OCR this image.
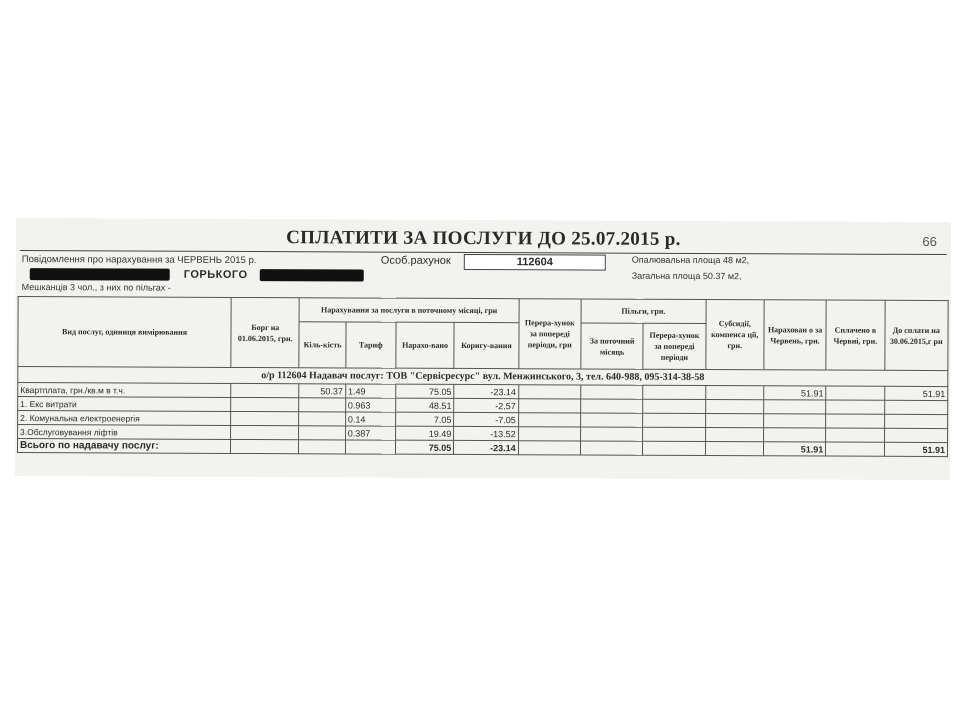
СПЛАТИТИ ЗА ПОСЛУГИ ДО 25.07.2015 р.	66
Повідомлення про нарахування за ЧЕРВЕНЬ 2015 р.	Особ.рахунок	112604	Опалювальна площа 48 м2,
Загальна площа 50.37 м2,
ГОРЬКОГО
Мешканців 3 чол., з них по пільгах -
Вид послуг, одиниця вимірювання	Борг на 01.06.2015, грн.	Нарахування за послуги в поточному місяці, грн				Перера-хунок за попереді періоди, грн	Пільги, грн.		Субсидії, компенса ції, грн.	Нарахован о за Червень, грн.	Сплачено в Червні, грн.	До сплати на 30.06.2015,г рн
		Кіль-кість	Тариф	Нарахо-вано	Коригу-вання		За поточний місяць	Перера-хунок за попереді періоди				
о/р 112604 Надавач послуг: ТОВ "Сервісресурс" вул. Менжинського, 3, тел. 640-988, 095-314-38-58												
Квартплата, грн./кв.м в т.ч.		50.37	1.49	75.05	-23.14					51.91		51.91
1. Екс витрати			0.963	48.51	-2.57							
2. Комунальна електроенергія			0.14	7.05	-7.05							
3.Обслуговування ліфтів			0.387	19.49	-13.52							
Всього по надавачу послуг:				75.05	-23.14					51.91		51.91
